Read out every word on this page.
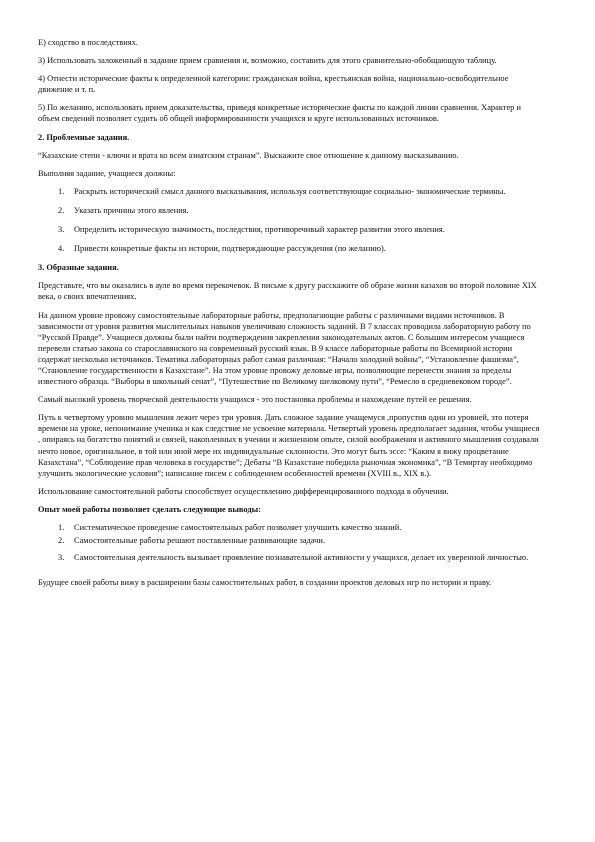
Е) сходство в последствиях.

3) Использовать заложенный в задание прием сравнения и, возможно, составить для этого сравнительно-обобщающую таблицу.

4) Отнести исторические факты к определенной категории: гражданская война, крестьянская война, национально-освободительное движение и т. п.

5) По желанию, использовать прием доказательства, приведя конкретные исторические факты по каждой линии сравнения. Характер и объем сведений позволяет судить об общей информированности учащихся и круге использованных источников.

2. Проблемные задания.

“Казахские степи - ключи и врата ко всем азиатским странам”. Выскажите свое отношение к данному высказыванию.

Выполняя задание, учащиеся должны:

1. Раскрыть исторический смысл данного высказывания, используя соответствующие социально- экономические термины.
2. Указать причины этого явления.
3. Определить историческую значимость, последствия, противоречивый характер развития этого явления.
4. Привести конкретные факты из истории, подтверждающие рассуждения (по желанию).

3. Образные задания.

Представьте, что вы оказались в ауле во время перекочевок. В письме к другу расскажите об образе жизни казахов во второй половине XIX века, о своих впечатлениях.

На данном уровне провожу самостоятельные лабораторные работы, предполагающие работы с различными видами источников. В зависимости от уровня развития мыслительных навыков увеличиваю сложность заданий. В 7 классах проводила лабораторную работу по “Русской Правде”. Учащиеся должны были найти подтверждения закрепления законодательных актов. С большим интересом учащиеся перевели статью закона со старославянского на современный русский язык. В 9 классе лабораторные работы по Всемирной истории содержат несколько источников. Тематика лабораторных работ самая различная: “Начало холодной войны”, “Установление фашизма”, “Становление государственности в Казахстане”. На этом уровне провожу деловые игры, позволяющие перенести знания за пределы известного образца. “Выборы в школьный сенат”, “Путешествие по Великому шелковому пути”, “Ремесло в средневековом городе”.

Самый высокий уровень творческой деятельности учащихся - это постановка проблемы и нахождение путей ее решения.

Путь к четвертому уровню мышления лежит через три уровня. Дать сложное задание учащемуся ,пропустив один из уровней, это потеря времени на уроке, непонимание ученика и как следствие не усвоение материала. Четвертый уровень предполагает задания, чтобы учащиеся , опираясь на богатство понятий и связей, накопленных в учении и жизненном опыте, силой воображения и активного мышления создавали нечто новое, оригинальное, в той или иной мере их индивидуальные склонности. Это могут быть эссе: “Каким я вижу процветание Казахстана”, “Соблюдение прав человека в государстве”; Дебаты “В Казахстане победила рыночная экономика”, “В Темиртау необходимо улучшить экологические условия”; написание писем с соблюдением особенностей времени (XVIII в., XIX в.).

Использование самостоятельной работы способствует осуществлению дифференцированного подхода в обучении.

Опыт моей работы позволяет сделать следующие выводы:

1. Систематическое проведение самостоятельных работ позволяет улучшить качество знаний.
2. Самостоятельные работы решают поставленные развивающие задачи.
3. Самостоятельная деятельность вызывает проявление познавательной активности у учащихся, делает их уверенной личностью.

Будущее своей работы вижу в расширении базы самостоятельных работ, в создании проектов деловых игр по истории и праву.
